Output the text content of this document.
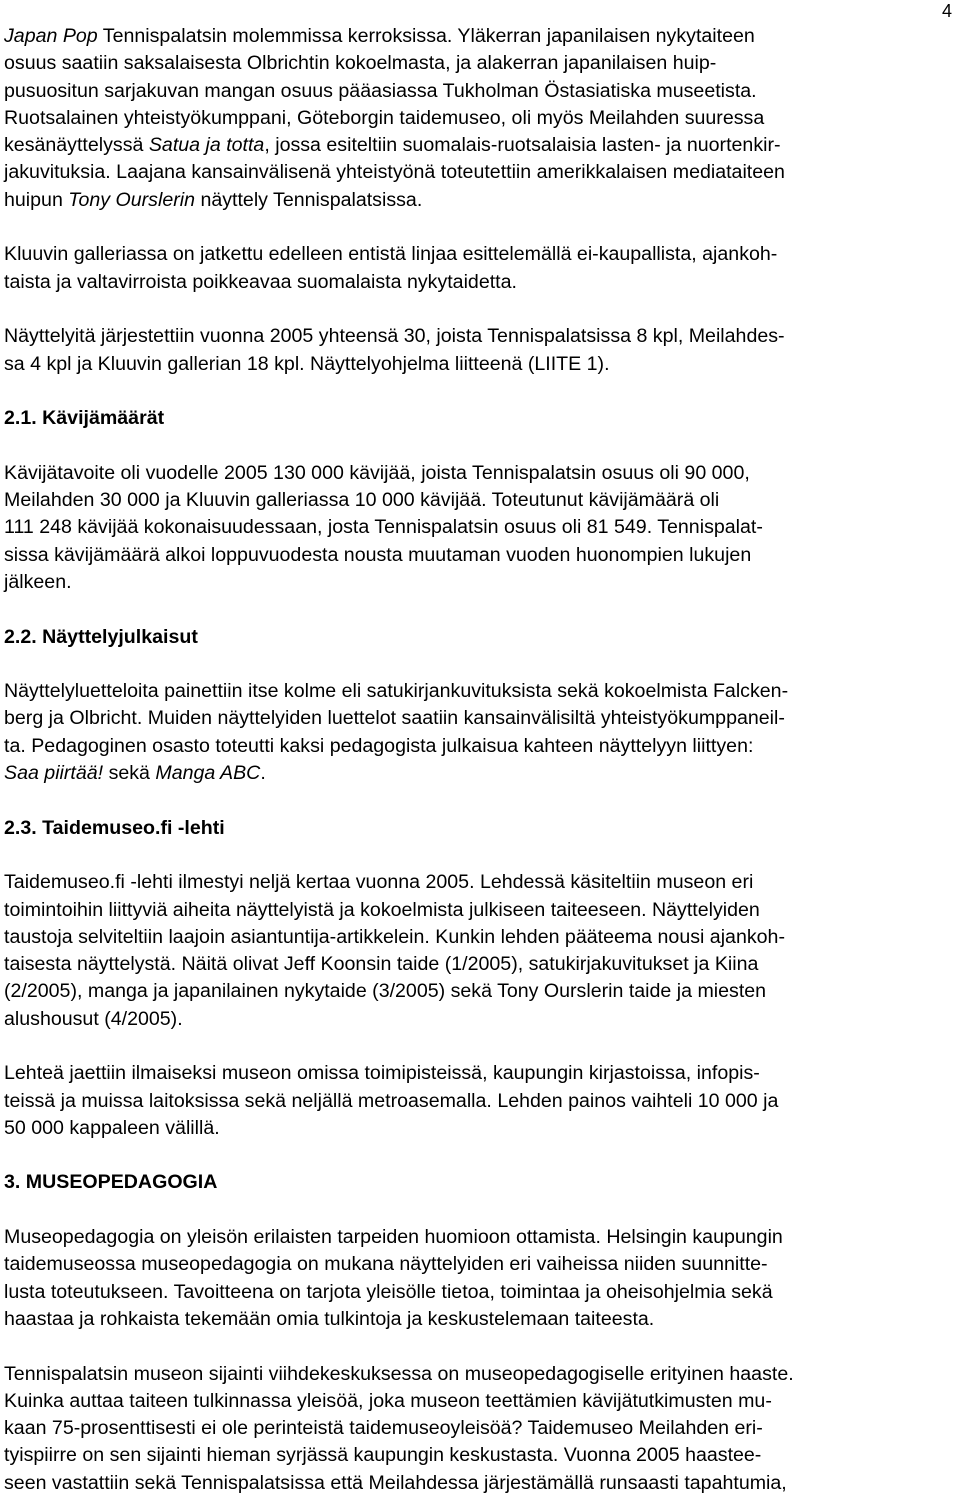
4

Japan Pop Tennispalatsin molemmissa kerroksissa. Yläkerran japanilaisen nykytaiteen
osuus saatiin saksalaisesta Olbrichtin kokoelmasta, ja alakerran japanilaisen huip-
pusuositun sarjakuvan mangan osuus pääasiassa Tukholman Östasiatiska museetista.
Ruotsalainen yhteistyökumppani, Göteborgin taidemuseo, oli myös Meilahden suuressa
kesänäyttelyssä Satua ja totta, jossa esiteltiin suomalais-ruotsalaisia lasten- ja nuortenkir-
jakuvituksia. Laajana kansainvälisenä yhteistyönä toteutettiin amerikkalaisen mediataiteen
huipun Tony Ourslerin näyttely Tennispalatsissa.

Kluuvin galleriassa on jatkettu edelleen entistä linjaa esittelemällä ei-kaupallista, ajankoh-
taista ja valtavirroista poikkeavaa suomalaista nykytaidetta.

Näyttelyitä järjestettiin vuonna 2005 yhteensä 30, joista Tennispalatsissa 8 kpl, Meilahdes-
sa 4 kpl ja Kluuvin gallerian 18 kpl. Näyttelyohjelma liitteenä (LIITE 1).

2.1. Kävijämäärät

Kävijätavoite oli vuodelle 2005 130 000 kävijää, joista Tennispalatsin osuus oli 90 000,
Meilahden 30 000 ja Kluuvin galleriassa 10 000 kävijää. Toteutunut kävijämäärä oli
111 248 kävijää kokonaisuudessaan, josta Tennispalatsin osuus oli 81 549. Tennispalat-
sissa kävijämäärä alkoi loppuvuodesta nousta muutaman vuoden huonompien lukujen
jälkeen.

2.2. Näyttelyjulkaisut

Näyttelyluetteloita painettiin itse kolme eli satukirjankuvituksista sekä kokoelmista Falcken-
berg ja Olbricht. Muiden näyttelyiden luettelot saatiin kansainvälisiltä yhteistyökumppaneil-
ta. Pedagoginen osasto toteutti kaksi pedagogista julkaisua kahteen näyttelyyn liittyen:
Saa piirtää! sekä Manga ABC.

2.3. Taidemuseo.fi -lehti

Taidemuseo.fi -lehti ilmestyi neljä kertaa vuonna 2005. Lehdessä käsiteltiin museon eri
toimintoihin liittyviä aiheita näyttelyistä ja kokoelmista julkiseen taiteeseen. Näyttelyiden
taustoja selviteltiin laajoin asiantuntija-artikkelein. Kunkin lehden pääteema nousi ajankoh-
taisesta näyttelystä. Näitä olivat Jeff Koonsin taide (1/2005), satukirjakuvitukset ja Kiina
(2/2005), manga ja japanilainen nykytaide (3/2005) sekä Tony Ourslerin taide ja miesten
alushousut (4/2005).

Lehteä jaettiin ilmaiseksi museon omissa toimipisteissä, kaupungin kirjastoissa, infopis-
teissä ja muissa laitoksissa sekä neljällä metroasemalla. Lehden painos vaihteli 10 000 ja
50 000 kappaleen välillä.

3. MUSEOPEDAGOGIA

Museopedagogia on yleisön erilaisten tarpeiden huomioon ottamista. Helsingin kaupungin
taidemuseossa museopedagogia on mukana näyttelyiden eri vaiheissa niiden suunnitte-
lusta toteutukseen. Tavoitteena on tarjota yleisölle tietoa, toimintaa ja oheisohjelmia sekä
haastaa ja rohkaista tekemään omia tulkintoja ja keskustelemaan taiteesta.

Tennispalatsin museon sijainti viihdekeskuksessa on museopedagogiselle erityinen haaste.
Kuinka auttaa taiteen tulkinnassa yleisöä, joka museon teettämien kävijätutkimusten mu-
kaan 75-prosenttisesti ei ole perinteistä taidemuseoyleisöä? Taidemuseo Meilahden eri-
tyispiirre on sen sijainti hieman syrjässä kaupungin keskustasta. Vuonna 2005 haastee-
seen vastattiin sekä Tennispalatsissa että Meilahdessa järjestämällä runsaasti tapahtumia,
